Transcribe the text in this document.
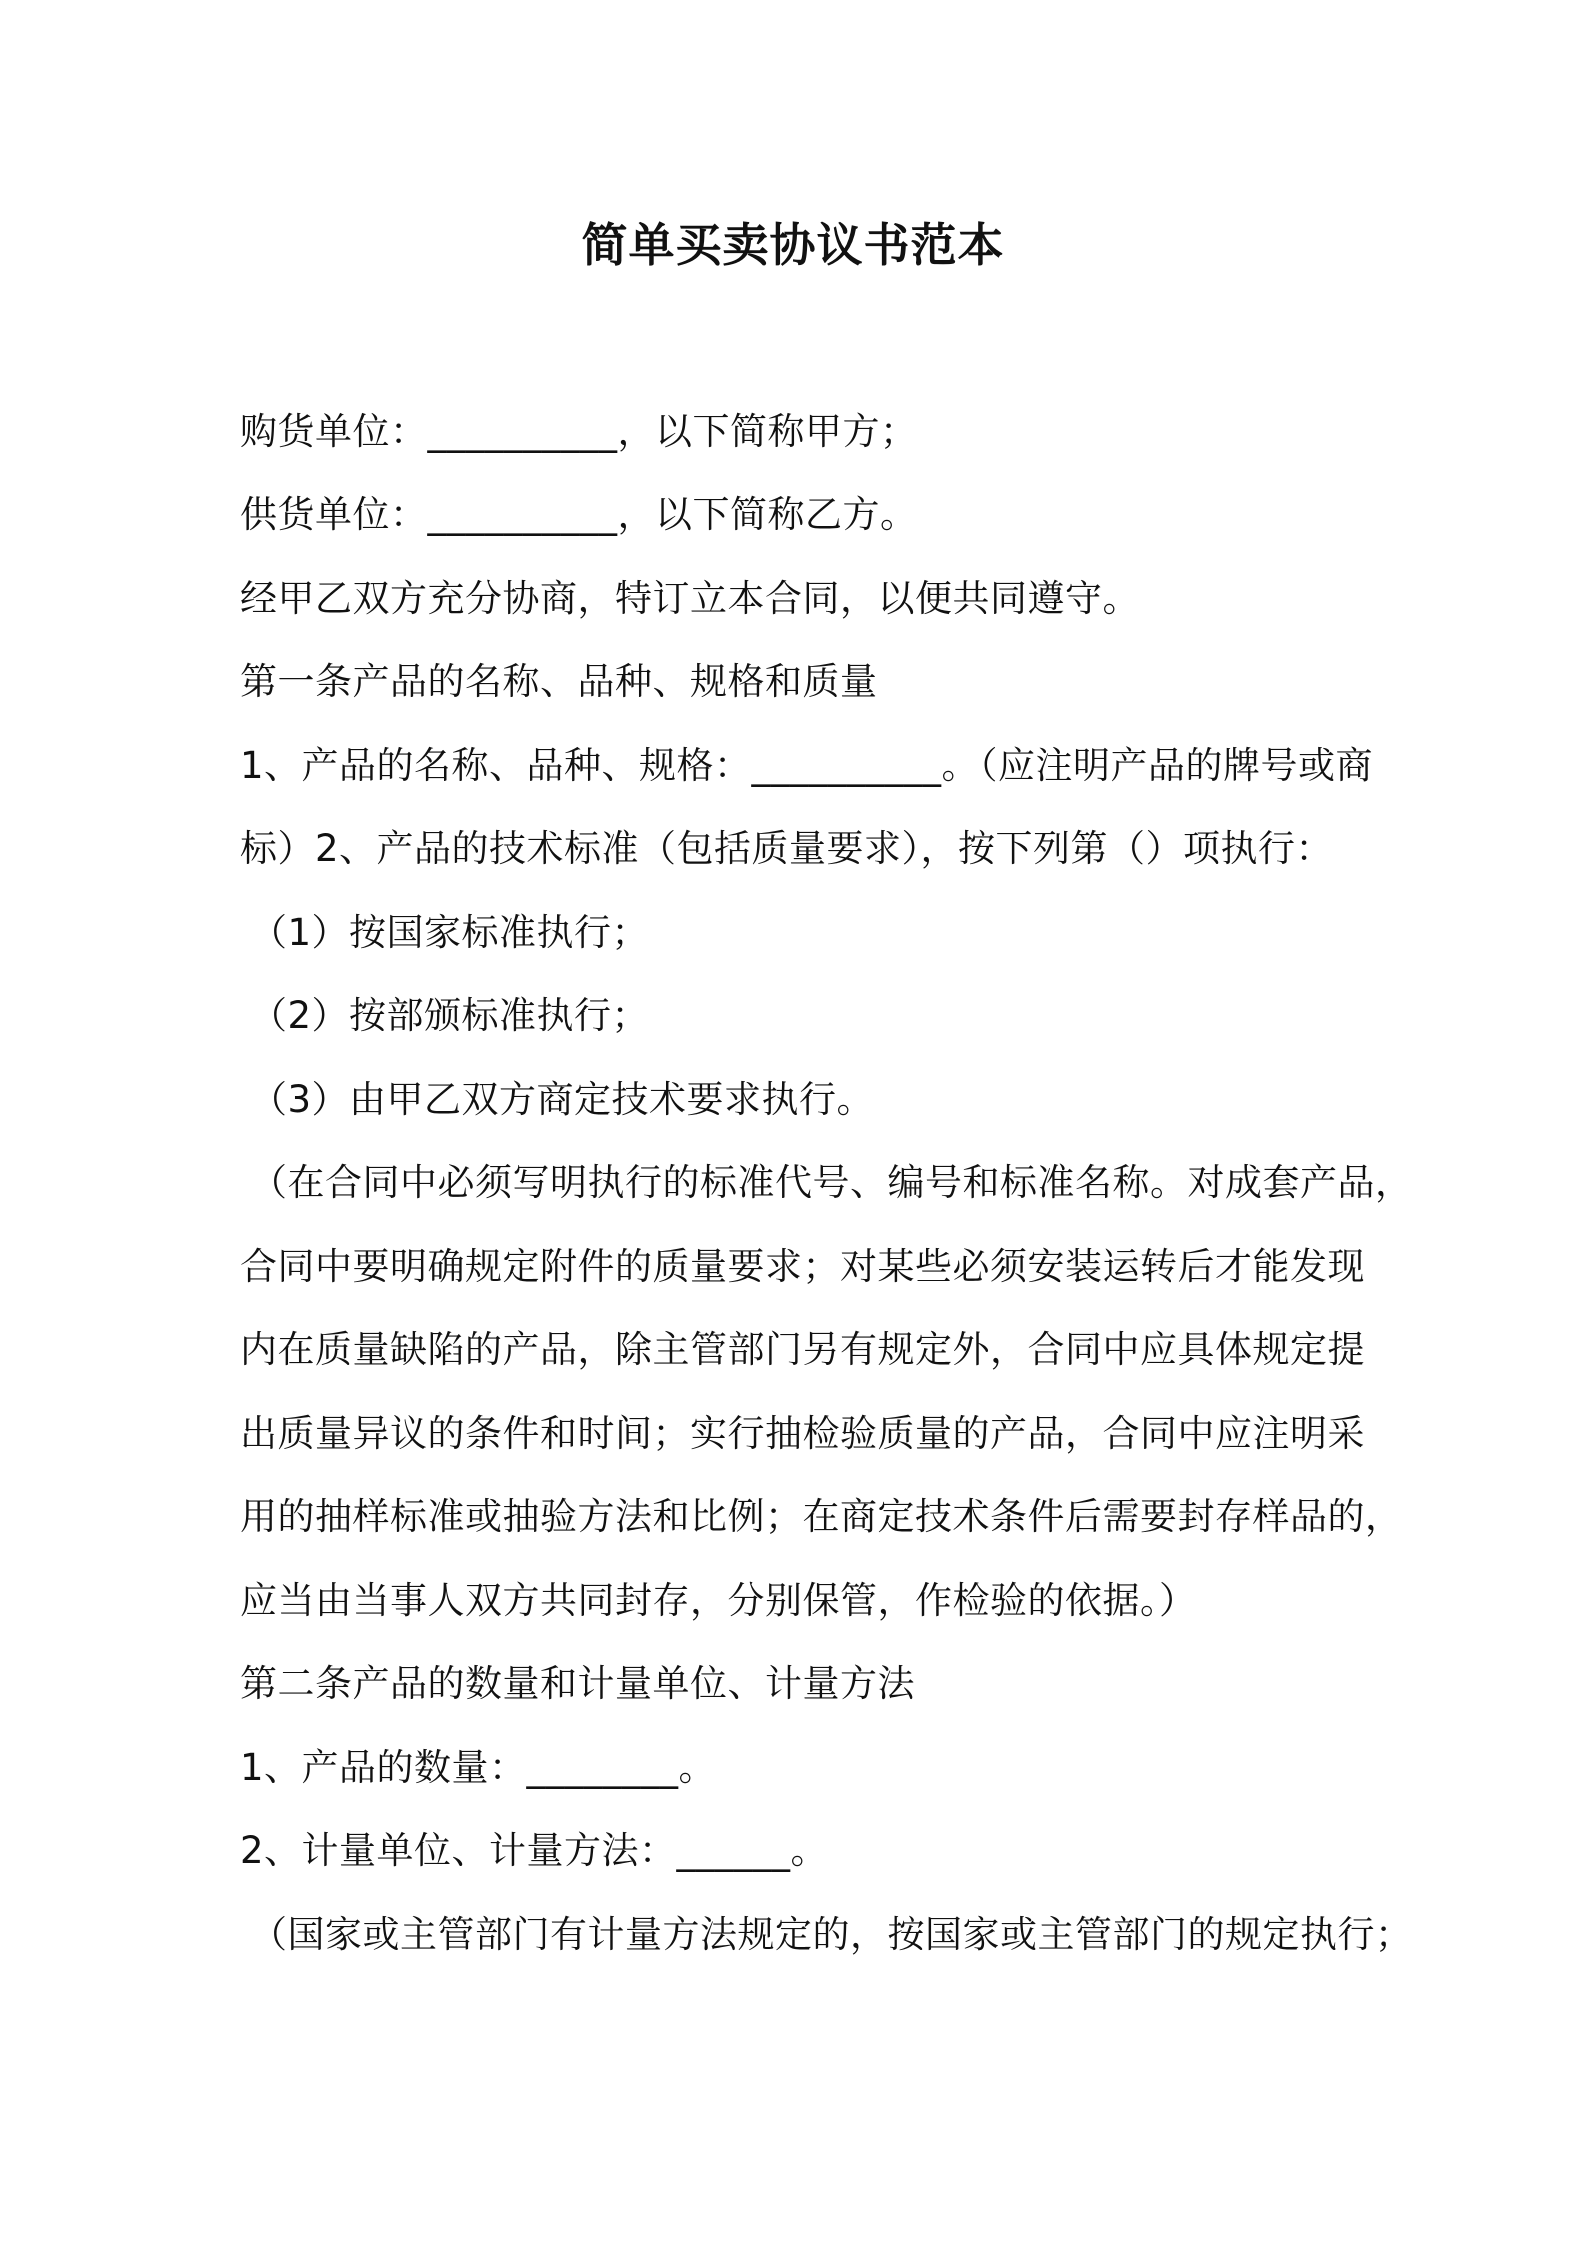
简单买卖协议书范本
购货单位：__________，以下简称甲方；
供货单位：__________，以下简称乙方。
经甲乙双方充分协商，特订立本合同，以便共同遵守。
第一条产品的名称、品种、规格和质量
1、产品的名称、品种、规格：__________。（应注明产品的牌号或商
标）2、产品的技术标准（包括质量要求），按下列第（）项执行：
（1）按国家标准执行；
（2）按部颁标准执行；
（3）由甲乙双方商定技术要求执行。
（在合同中必须写明执行的标准代号、编号和标准名称。对成套产品，
合同中要明确规定附件的质量要求；对某些必须安装运转后才能发现
内在质量缺陷的产品，除主管部门另有规定外，合同中应具体规定提
出质量异议的条件和时间；实行抽检验质量的产品，合同中应注明采
用的抽样标准或抽验方法和比例；在商定技术条件后需要封存样品的，
应当由当事人双方共同封存，分别保管，作检验的依据。）
第二条产品的数量和计量单位、计量方法
1、产品的数量：________。
2、计量单位、计量方法：______。
（国家或主管部门有计量方法规定的，按国家或主管部门的规定执行；
